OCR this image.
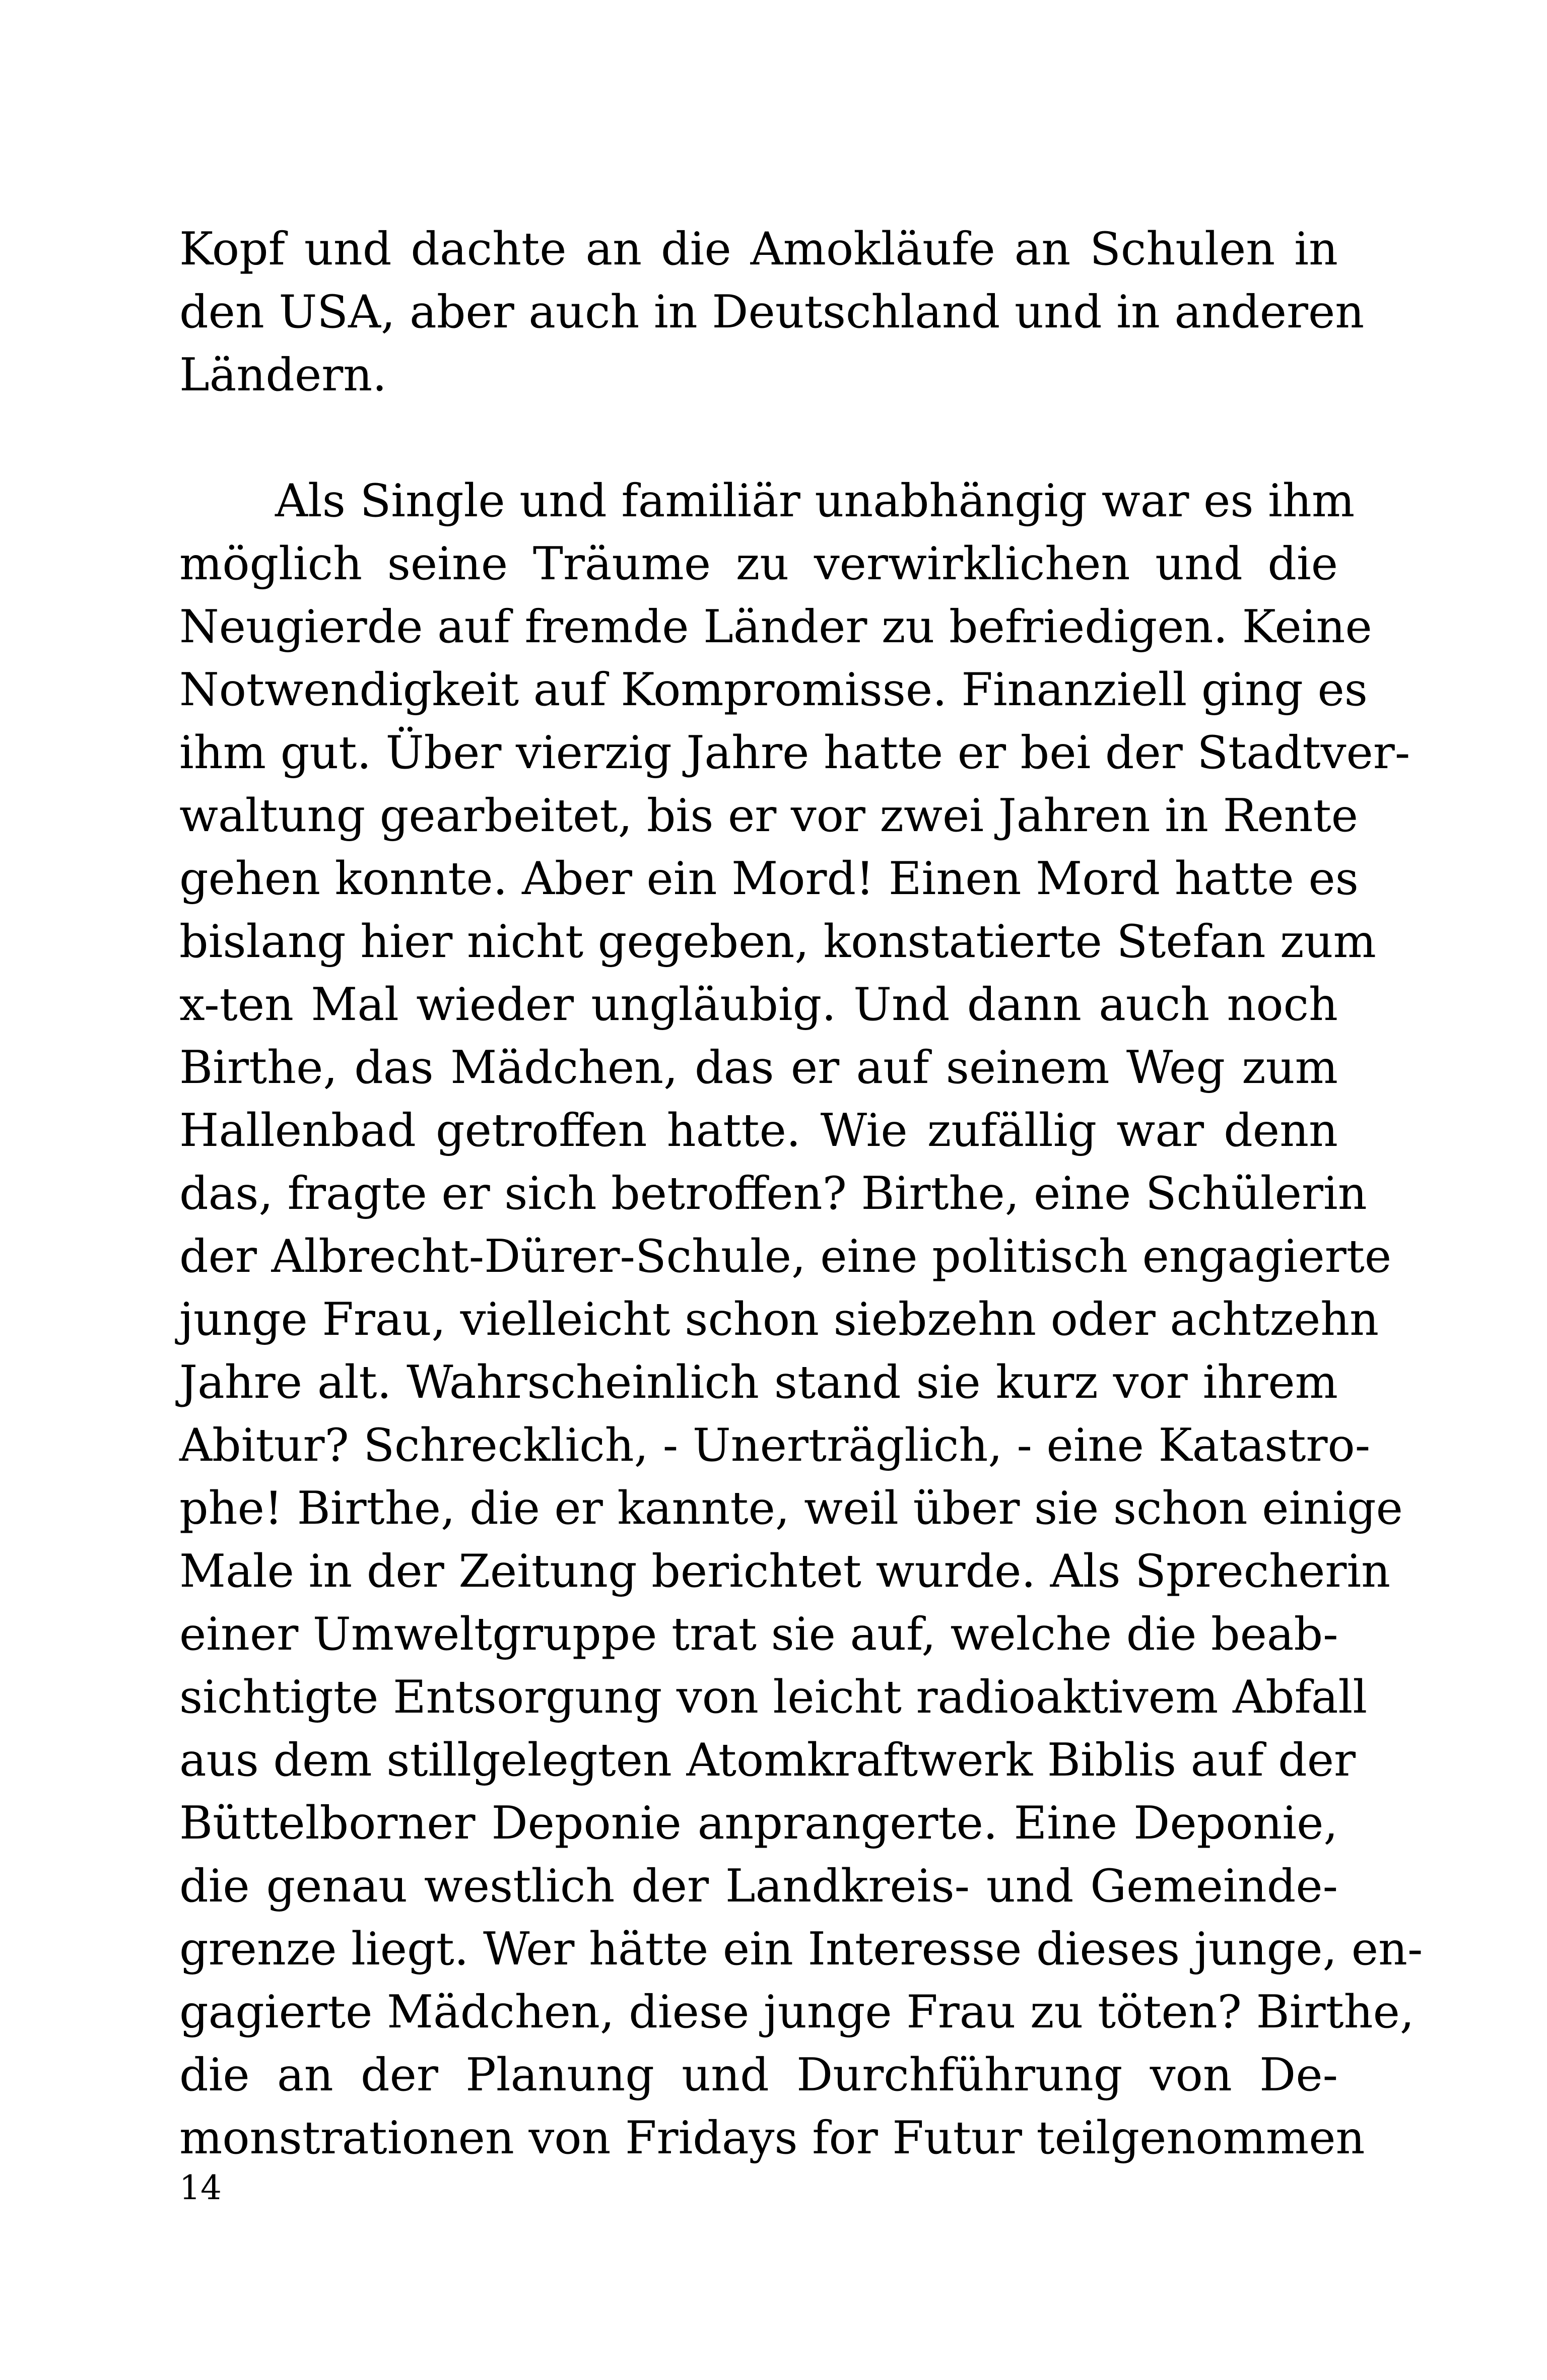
Kopf und dachte an die Amokläufe an Schulen in
den USA, aber auch in Deutschland und in anderen
Ländern.
Als Single und familiär unabhängig war es ihm
möglich seine Träume zu verwirklichen und die
Neugierde auf fremde Länder zu befriedigen. Keine
Notwendigkeit auf Kompromisse. Finanziell ging es
ihm gut. Über vierzig Jahre hatte er bei der Stadtver-
waltung gearbeitet, bis er vor zwei Jahren in Rente
gehen konnte. Aber ein Mord! Einen Mord hatte es
bislang hier nicht gegeben, konstatierte Stefan zum
x-ten Mal wieder ungläubig. Und dann auch noch
Birthe, das Mädchen, das er auf seinem Weg zum
Hallenbad getroffen hatte. Wie zufällig war denn
das, fragte er sich betroffen? Birthe, eine Schülerin
der Albrecht-Dürer-Schule, eine politisch engagierte
junge Frau, vielleicht schon siebzehn oder achtzehn
Jahre alt. Wahrscheinlich stand sie kurz vor ihrem
Abitur? Schrecklich, - Unerträglich, - eine Katastro-
phe! Birthe, die er kannte, weil über sie schon einige
Male in der Zeitung berichtet wurde. Als Sprecherin
einer Umweltgruppe trat sie auf, welche die beab-
sichtigte Entsorgung von leicht radioaktivem Abfall
aus dem stillgelegten Atomkraftwerk Biblis auf der
Büttelborner Deponie anprangerte. Eine Deponie,
die genau westlich der Landkreis- und Gemeinde-
grenze liegt. Wer hätte ein Interesse dieses junge, en-
gagierte Mädchen, diese junge Frau zu töten? Birthe,
die an der Planung und Durchführung von De-
monstrationen von Fridays for Futur teilgenommen
14
